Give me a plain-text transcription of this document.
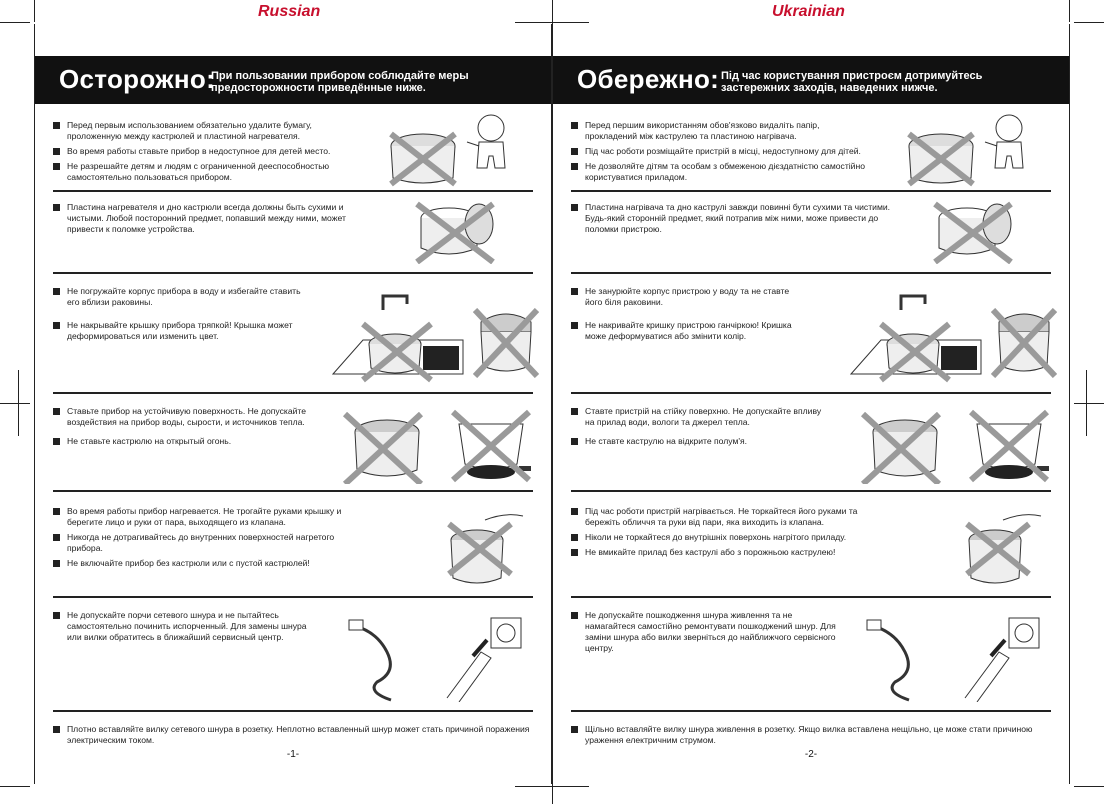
Russian	Ukrainian
Осторожно:
При пользовании прибором соблюдайте меры предосторожности приведённые ниже.
Перед первым использованием обязательно удалите бумагу, проложенную между кастрюлей и пластиной нагревателя.
Во время работы ставьте прибор в недоступное для детей место.
Не разрешайте детям и людям с ограниченной дееспособностью самостоятельно пользоваться прибором.
Пластина нагревателя и дно кастрюли всегда должны быть сухими и чистыми. Любой посторонний предмет, попавший между ними, может привести к поломке устройства.
Не погружайте корпус прибора в воду и избегайте ставить его вблизи раковины.
Не накрывайте крышку прибора тряпкой! Крышка может деформироваться или изменить цвет.
Ставьте прибор на устойчивую поверхность. Не допускайте воздействия на прибор воды, сырости, и источников тепла.
Не ставьте кастрюлю на открытый огонь.
Во время работы прибор нагревается. Не трогайте руками крышку и берегите лицо и руки от пара, выходящего из клапана.
Никогда не дотрагивайтесь до внутренних поверхностей нагретого прибора.
Не включайте прибор без кастрюли или с пустой кастрюлей!
Не допускайте порчи сетевого шнура и не пытайтесь самостоятельно починить испорченный. Для замены шнура или вилки обратитесь в ближайший сервисный центр.
Плотно вставляйте вилку сетевого шнура в розетку. Неплотно вставленный шнур может стать причиной поражения электрическим током.
-1-
Обережно: Під час користування пристроєм дотримуйтесь застережних заходів, наведених нижче.
Перед першим використанням обов'язково видаліть папір, прокладений між каструлею та пластиною нагрівача.
Під час роботи розміщайте пристрій в місці, недоступному для дітей.
Не дозволяйте дітям та особам з обмеженою дієздатністю самостійно користуватися приладом.
Пластина нагрівача та дно каструлі завжди повинні бути сухими та чистими. Будь-який сторонній предмет, який потрапив між ними, може привести до поломки пристрою.
Не занурюйте корпус пристрою у воду та не ставте його біля раковини.
Не накривайте кришку пристрою ганчіркою! Кришка може деформуватися або змінити колір.
Ставте пристрій на стійку поверхню. Не допускайте впливу на прилад води, вологи та джерел тепла.
Не ставте каструлю на відкрите полум'я.
Під час роботи пристрій нагрівається. Не торкайтеся його руками та бережіть обличчя та руки від пари, яка виходить із клапана.
Ніколи не торкайтеся до внутрішніх поверхонь нагрітого приладу.
Не вмикайте прилад без каструлі або з порожньою каструлею!
Не допускайте пошкодження шнура живлення та не намагайтеся самостійно ремонтувати пошкоджений шнур. Для заміни шнура або вилки зверніться до найближчого сервісного центру.
Щільно вставляйте вилку шнура живлення в розетку. Якщо вилка вставлена нещільно, це може стати причиною ураження електричним струмом.
-2-
